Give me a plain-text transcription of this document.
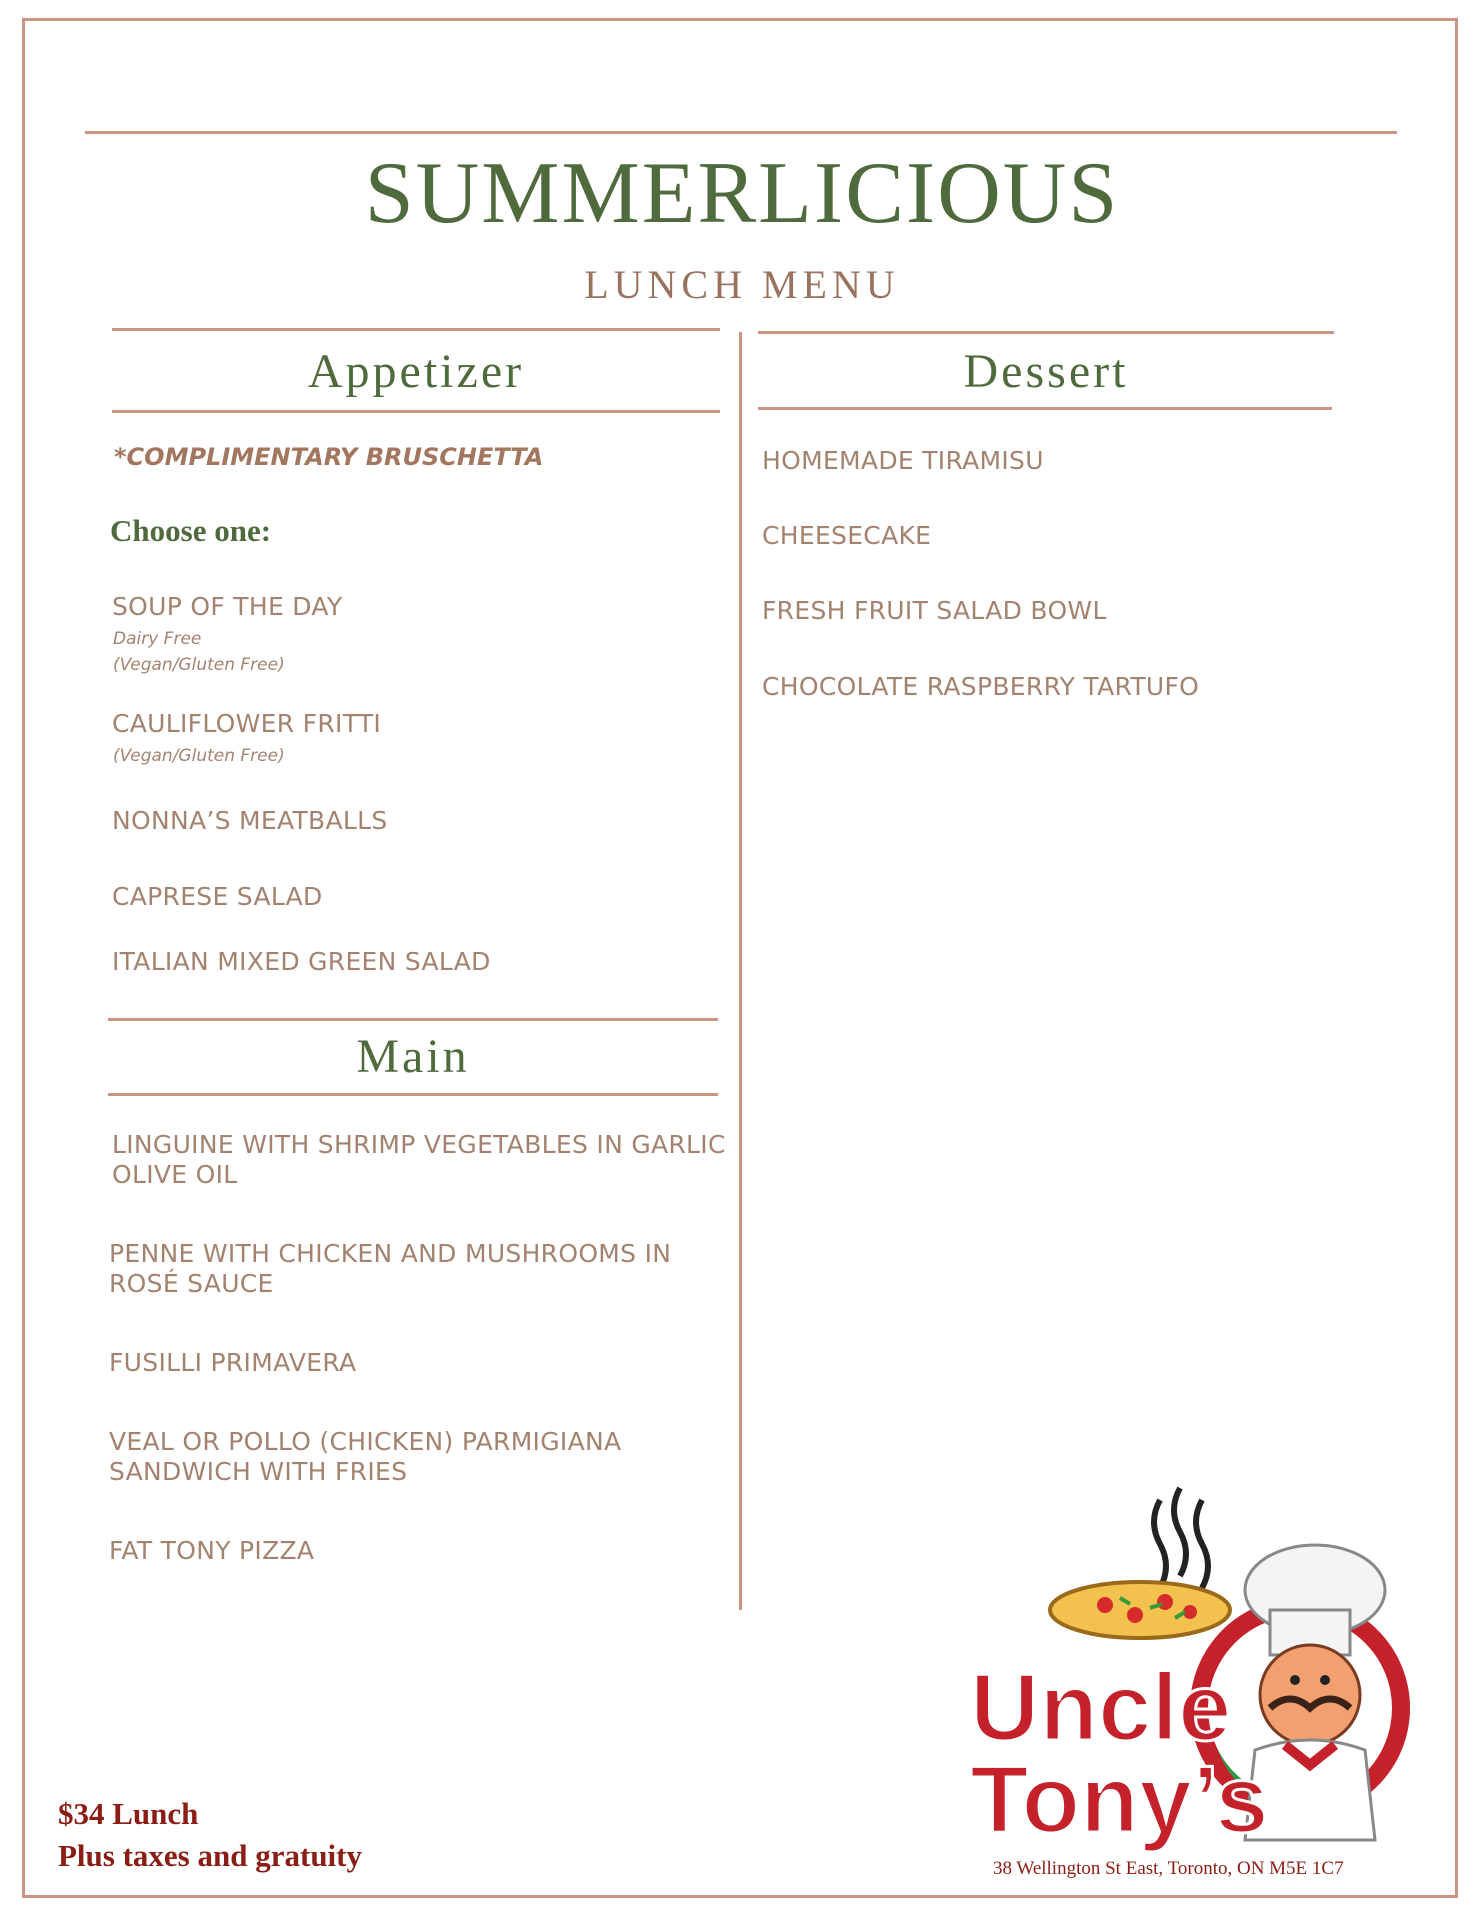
SUMMERLICIOUS
LUNCH MENU
Appetizer
*COMPLIMENTARY BRUSCHETTA
Choose one:
SOUP OF THE DAY
Dairy Free
(Vegan/Gluten Free)
CAULIFLOWER FRITTI
(Vegan/Gluten Free)
NONNA’S MEATBALLS
CAPRESE SALAD
ITALIAN MIXED GREEN SALAD
Main
LINGUINE WITH SHRIMP VEGETABLES IN GARLIC
OLIVE OIL
PENNE WITH CHICKEN AND MUSHROOMS IN
ROSÉ SAUCE
FUSILLI PRIMAVERA
VEAL OR POLLO (CHICKEN) PARMIGIANA
SANDWICH WITH FRIES
FAT TONY PIZZA
Dessert
HOMEMADE TIRAMISU
CHEESECAKE
FRESH FRUIT SALAD BOWL
CHOCOLATE RASPBERRY TARTUFO
$34 Lunch
Plus taxes and gratuity
Uncle
Tony’s
38 Wellington St East, Toronto, ON M5E 1C7
